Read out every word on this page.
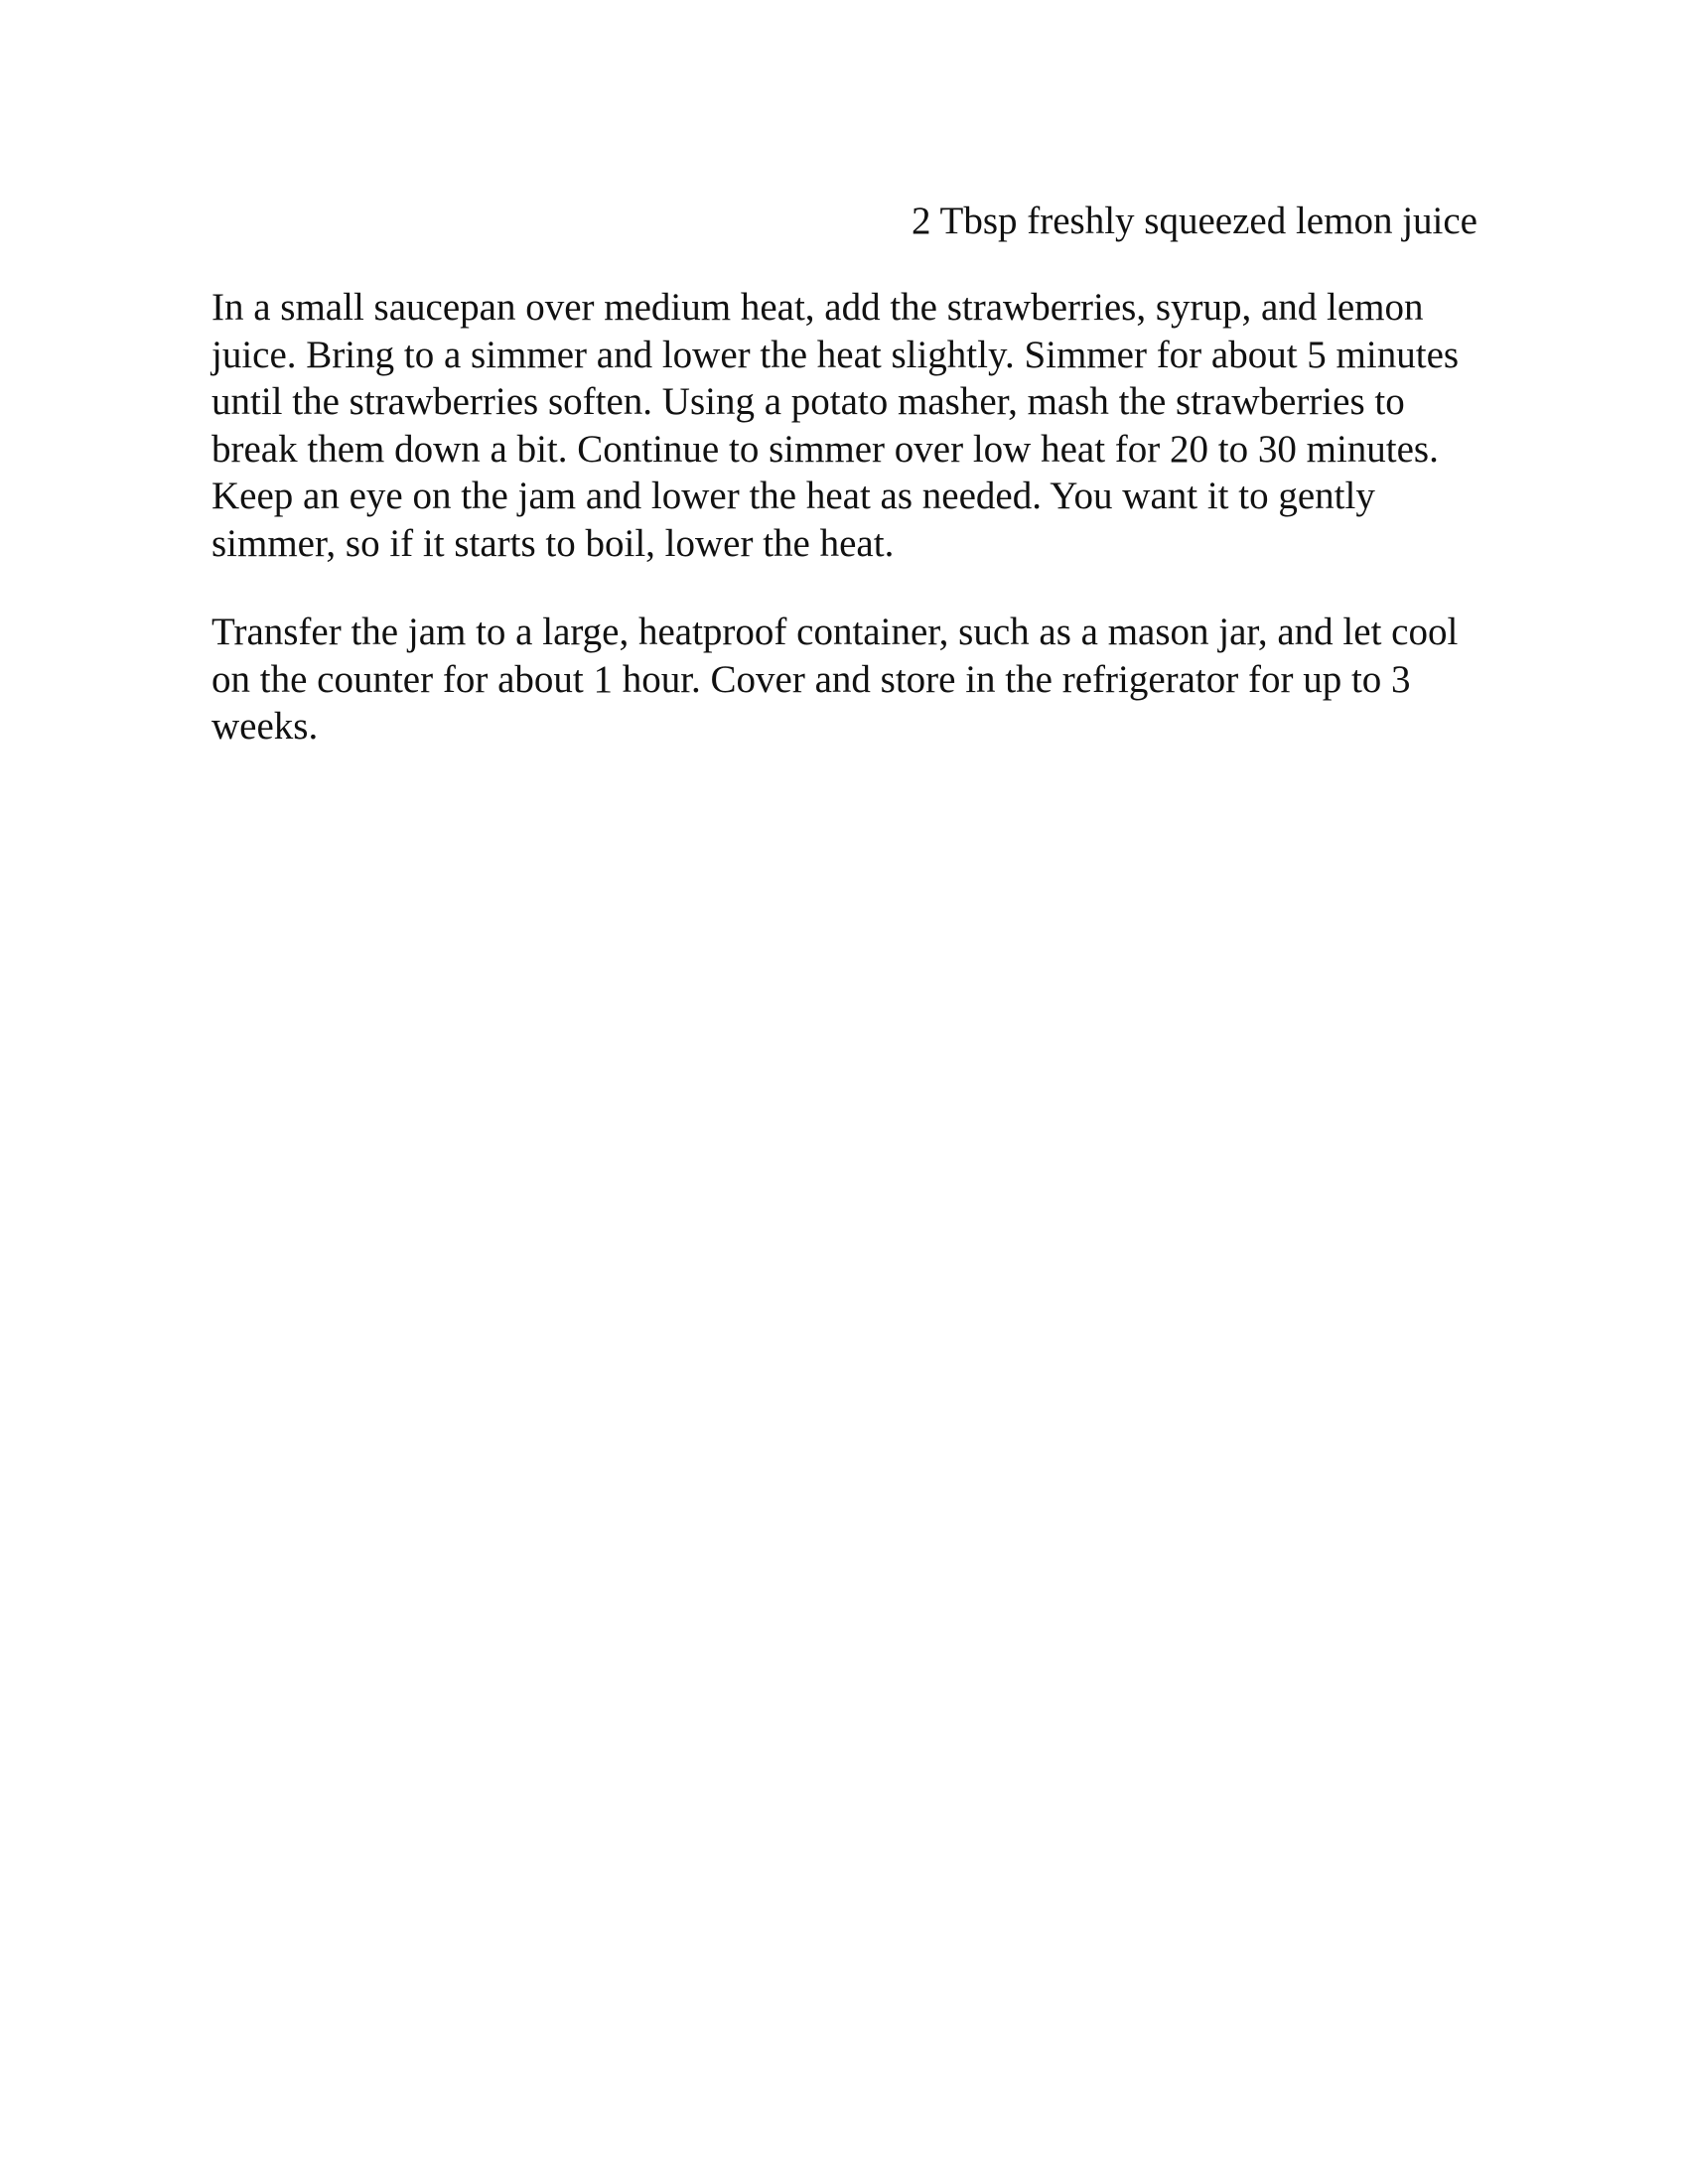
2 Tbsp freshly squeezed lemon juice

In a small saucepan over medium heat, add the strawberries, syrup, and lemon juice. Bring to a simmer and lower the heat slightly. Simmer for about 5 minutes until the strawberries soften. Using a potato masher, mash the strawberries to break them down a bit. Continue to simmer over low heat for 20 to 30 minutes. Keep an eye on the jam and lower the heat as needed. You want it to gently simmer, so if it starts to boil, lower the heat.

Transfer the jam to a large, heatproof container, such as a mason jar, and let cool on the counter for about 1 hour. Cover and store in the refrigerator for up to 3 weeks.
